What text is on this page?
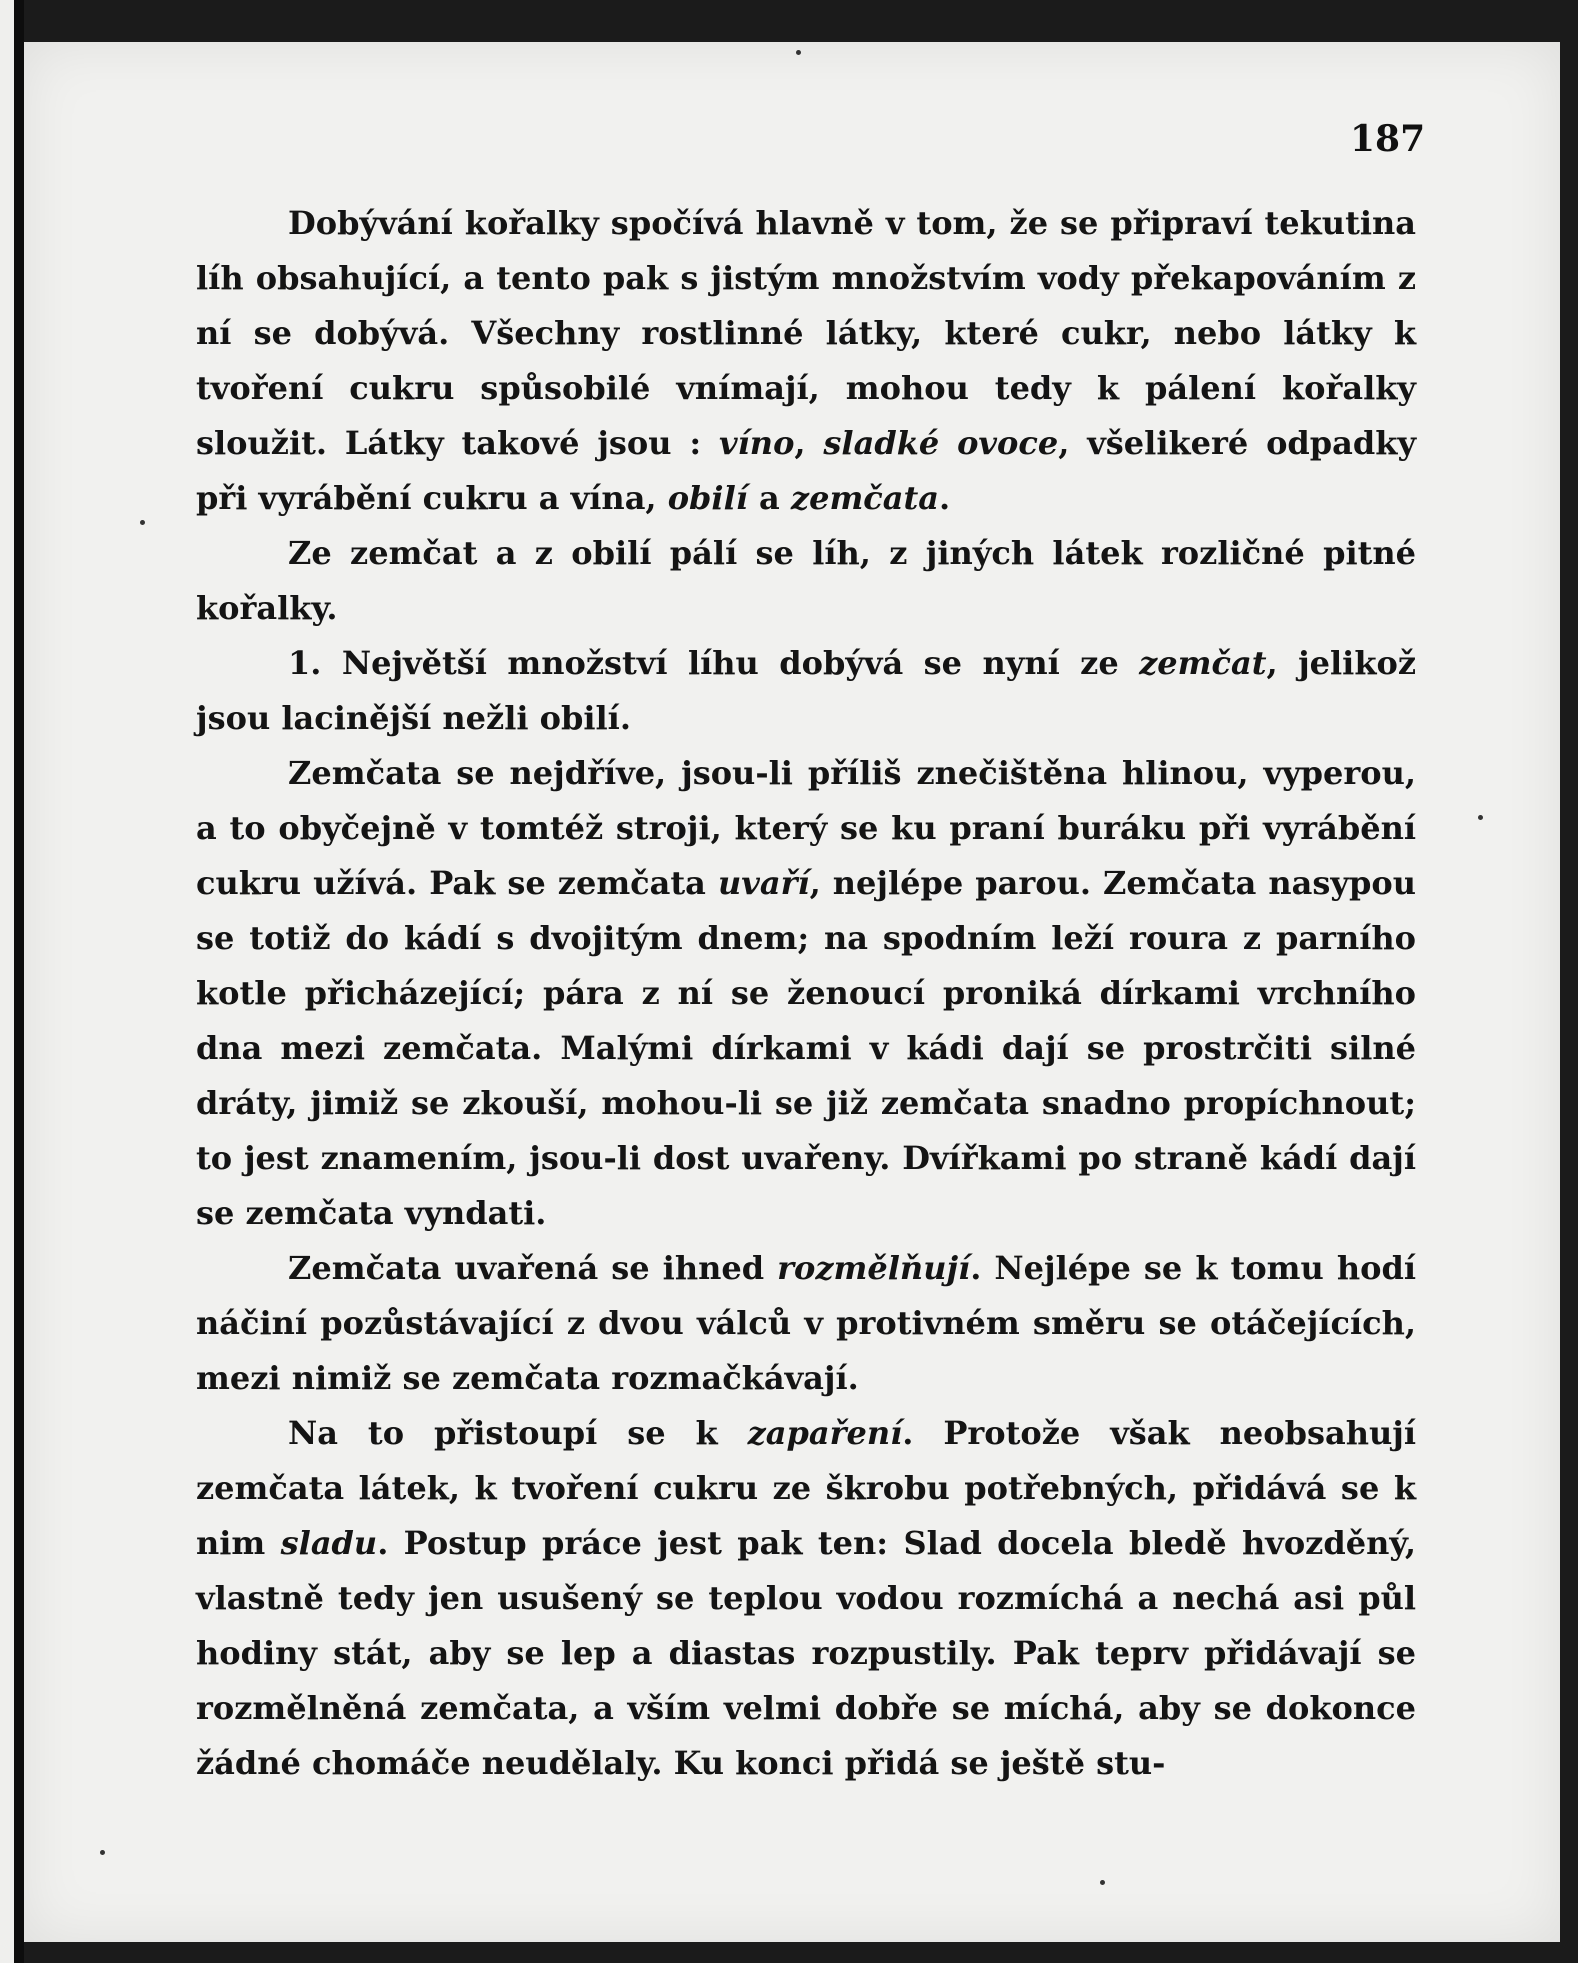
187

Dobývání kořalky spočívá hlavně v tom, že se připraví tekutina líh obsahující, a tento pak s jistým množstvím vody překapováním z ní se dobývá. Všechny rostlinné látky, které cukr, nebo látky k tvoření cukru spůsobilé vnímají, mohou tedy k pálení kořalky sloužit. Látky takové jsou : víno, sladké ovoce, všelikeré odpadky při vyrábění cukru a vína, obilí a zemčata.

Ze zemčat a z obilí pálí se líh, z jiných látek rozličné pitné kořalky.

1. Největší množství líhu dobývá se nyní ze zemčat, jelikož jsou lacinější nežli obilí.

Zemčata se nejdříve, jsou-li příliš znečištěna hlinou, vyperou, a to obyčejně v tomtéž stroji, který se ku praní buráku při vyrábění cukru užívá. Pak se zemčata uvaří, nejlépe parou. Zemčata nasypou se totiž do kádí s dvojitým dnem; na spodním leží roura z parního kotle přicházející; pára z ní se ženoucí proniká dírkami vrchního dna mezi zemčata. Malými dírkami v kádi dají se prostrčiti silné dráty, jimiž se zkouší, mohou-li se již zemčata snadno propíchnout; to jest znamením, jsou-li dost uvařeny. Dvířkami po straně kádí dají se zemčata vyndati.

Zemčata uvařená se ihned rozmělňují. Nejlépe se k tomu hodí náčiní pozůstávající z dvou válců v protivném směru se otáčejících, mezi nimiž se zemčata rozmačkávají.

Na to přistoupí se k zapaření. Protože však neobsahují zemčata látek, k tvoření cukru ze škrobu potřebných, přidává se k nim sladu. Postup práce jest pak ten: Slad docela bledě hvozděný, vlastně tedy jen usušený se teplou vodou rozmíchá a nechá asi půl hodiny stát, aby se lep a diastas rozpustily. Pak teprv přidávají se rozmělněná zemčata, a vším velmi dobře se míchá, aby se dokonce žádné chomáče neudělaly. Ku konci přidá se ještě stu-
